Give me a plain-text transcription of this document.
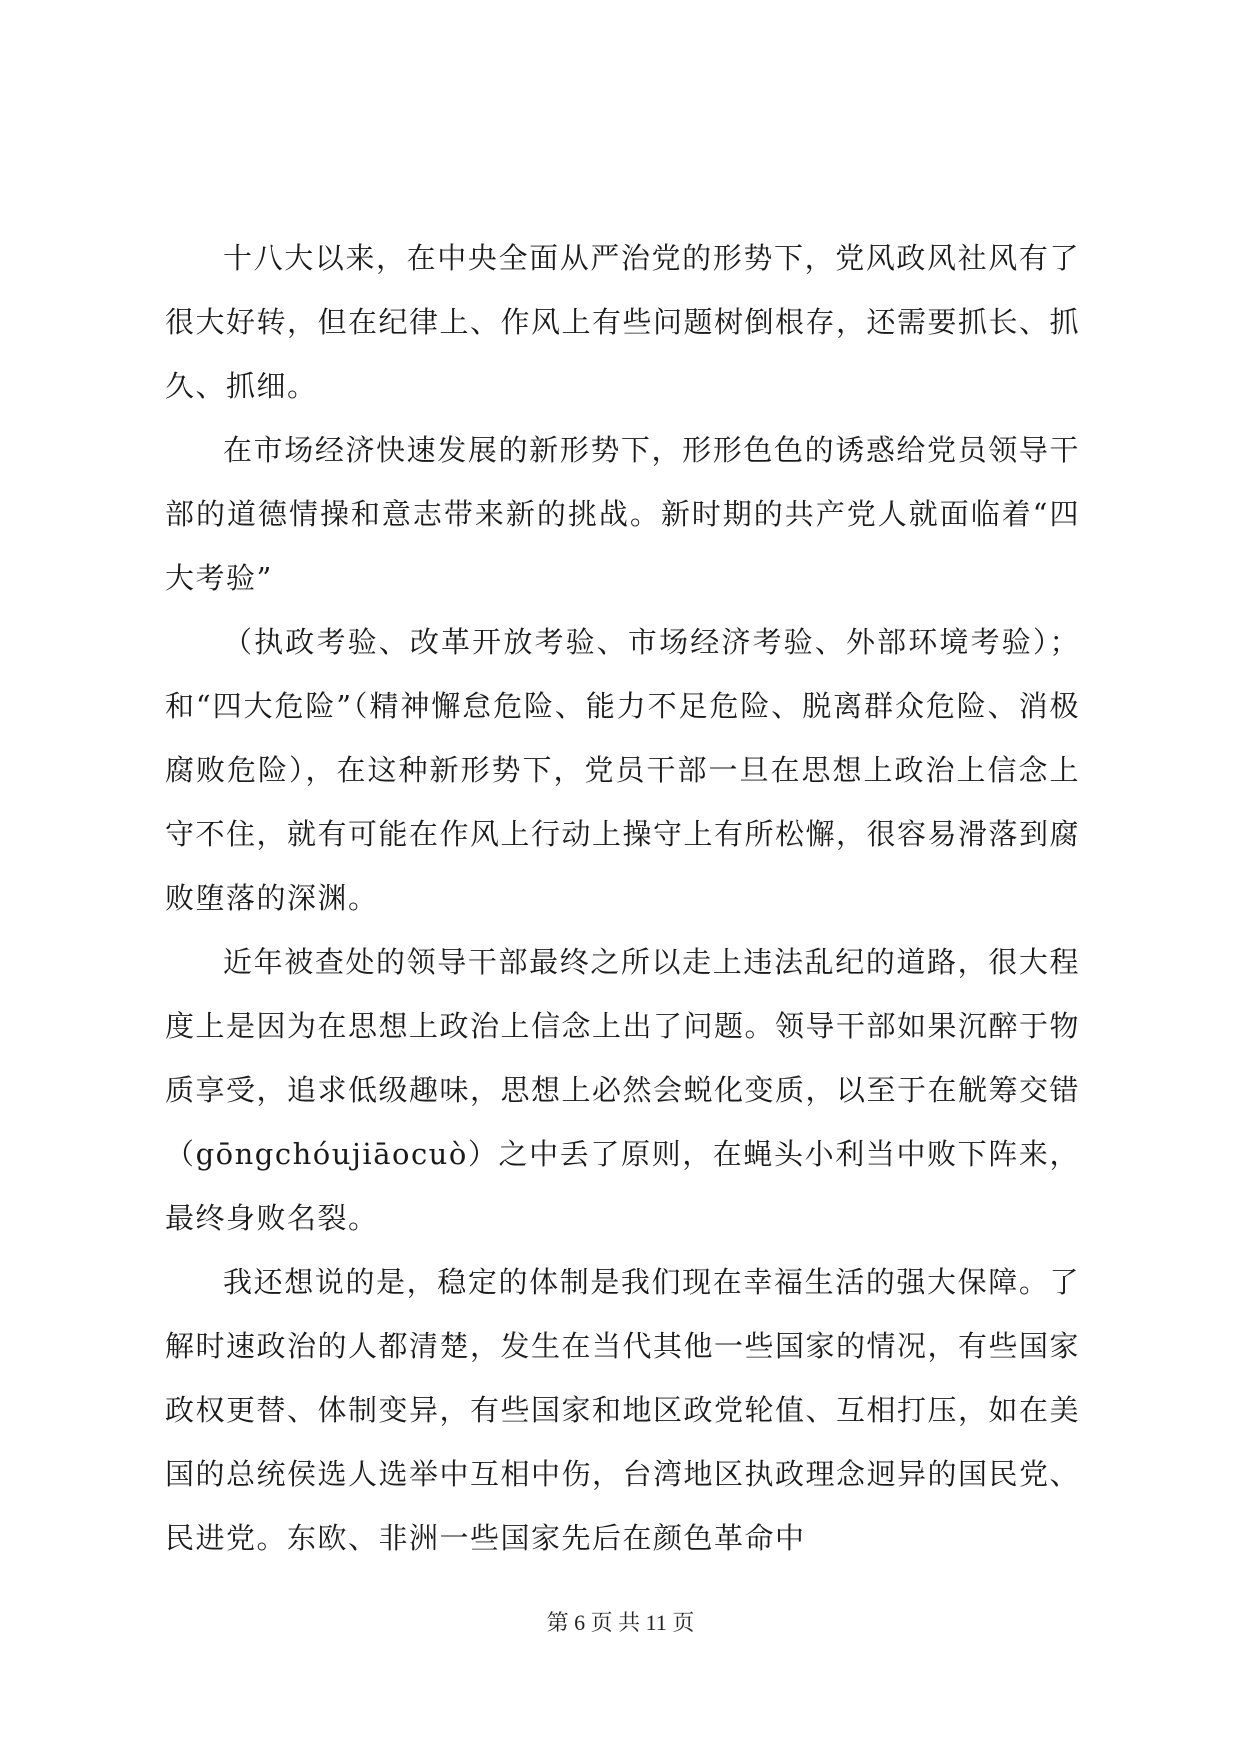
十八大以来，在中央全面从严治党的形势下，党风政风社风有了很大好转，但在纪律上、作风上有些问题树倒根存，还需要抓长、抓久、抓细。

在市场经济快速发展的新形势下，形形色色的诱惑给党员领导干部的道德情操和意志带来新的挑战。新时期的共产党人就面临着“四大考验”

（执政考验、改革开放考验、市场经济考验、外部环境考验）；和“四大危险”（精神懈怠危险、能力不足危险、脱离群众危险、消极腐败危险），在这种新形势下，党员干部一旦在思想上政治上信念上守不住，就有可能在作风上行动上操守上有所松懈，很容易滑落到腐败堕落的深渊。

近年被查处的领导干部最终之所以走上违法乱纪的道路，很大程度上是因为在思想上政治上信念上出了问题。领导干部如果沉醉于物质享受，追求低级趣味，思想上必然会蜕化变质，以至于在觥筹交错（gōngchóujiāocuò）之中丢了原则，在蝇头小利当中败下阵来，最终身败名裂。

我还想说的是，稳定的体制是我们现在幸福生活的强大保障。了解时速政治的人都清楚，发生在当代其他一些国家的情况，有些国家政权更替、体制变异，有些国家和地区政党轮值、互相打压，如在美国的总统侯选人选举中互相中伤，台湾地区执政理念迥异的国民党、民进党。东欧、非洲一些国家先后在颜色革命中

第 6 页 共 11 页
